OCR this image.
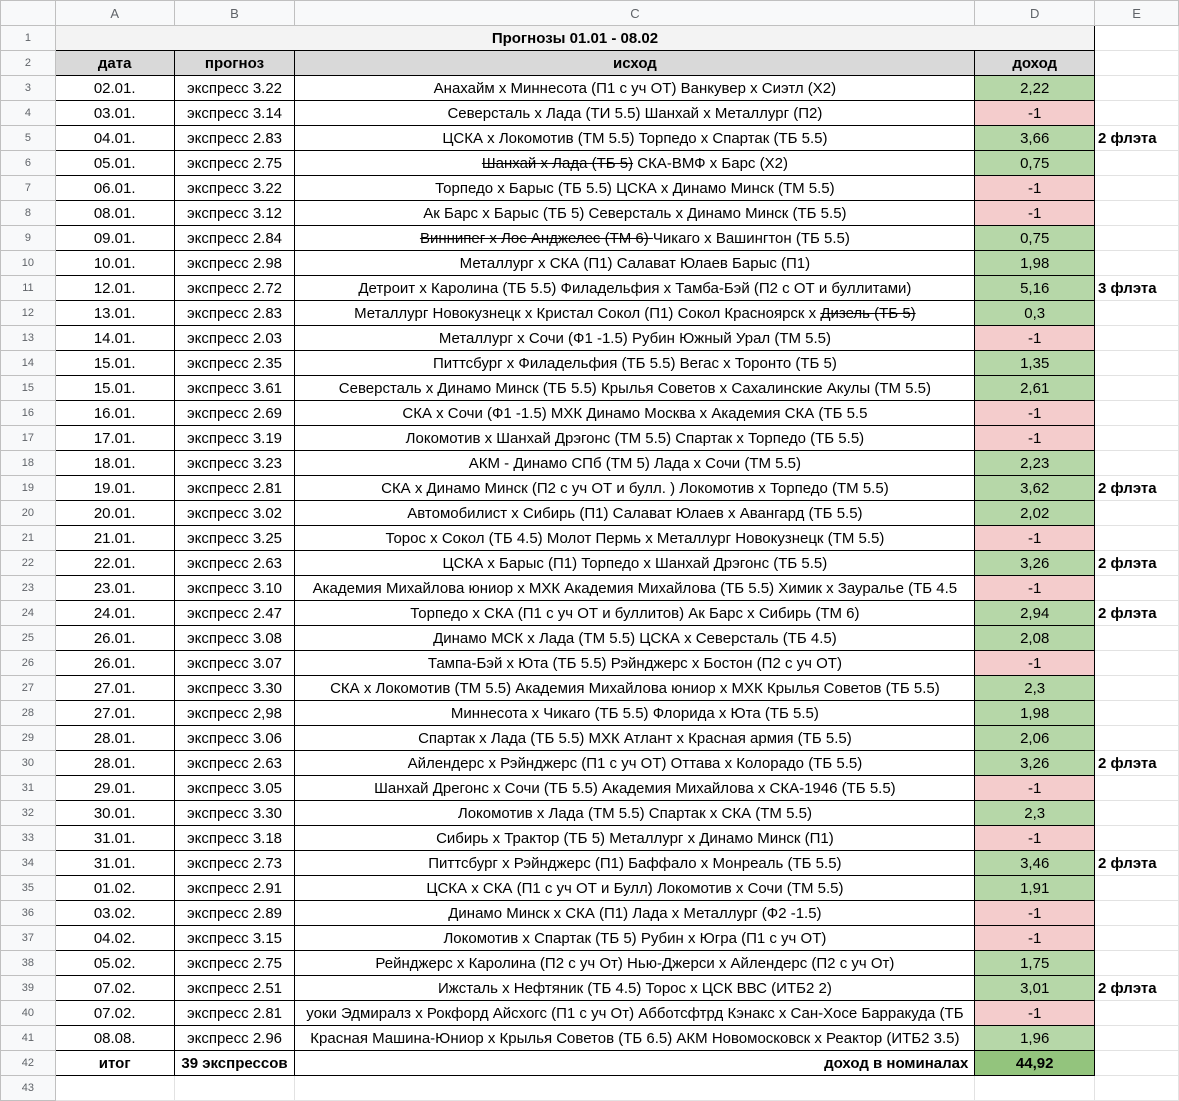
	A	B	C	D	E
1	Прогнозы 01.01 - 08.02				
2	дата	прогноз	исход	доход	
3	02.01.	экспресс 3.22	Анахайм х Миннесота (П1 с уч ОТ) Ванкувер х Сиэтл (Х2)	2,22	
4	03.01.	экспресс 3.14	Северсталь х Лада (ТИ 5.5) Шанхай х Металлург (П2)	-1	
5	04.01.	экспресс 2.83	ЦСКА х Локомотив (ТМ 5.5) Торпедо х Спартак (ТБ 5.5)	3,66	2 флэта
6	05.01.	экспресс 2.75	Шанхай х Лада (ТБ 5) СКА-ВМФ х Барс (Х2)	0,75	
7	06.01.	экспресс 3.22	Торпедо х Барыс (ТБ 5.5) ЦСКА х Динамо Минск (ТМ 5.5)	-1	
8	08.01.	экспресс 3.12	Ак Барс х Барыс (ТБ 5) Северсталь х Динамо Минск (ТБ 5.5)	-1	
9	09.01.	экспресс 2.84	Виннипег х Лос Анджелес (ТМ 6) Чикаго х Вашингтон (ТБ 5.5)	0,75	
10	10.01.	экспресс 2.98	Металлург х СКА (П1) Салават Юлаев Барыс (П1)	1,98	
11	12.01.	экспресс 2.72	Детроит х Каролина (ТБ 5.5) Филадельфия х Тамба-Бэй (П2 с ОТ и буллитами)	5,16	3 флэта
12	13.01.	экспресс 2.83	Металлург Новокузнецк х Кристал Сокол (П1) Сокол Красноярск х Дизель (ТБ 5)	0,3	
13	14.01.	экспресс 2.03	Металлург х Сочи (Ф1 -1.5) Рубин Южный Урал (ТМ 5.5)	-1	
14	15.01.	экспресс 2.35	Питтсбург х Филадельфия (ТБ 5.5) Вегас х Торонто (ТБ 5)	1,35	
15	15.01.	экспресс 3.61	Северсталь х Динамо Минск (ТБ 5.5) Крылья Советов х Сахалинские Акулы (ТМ 5.5)	2,61	
16	16.01.	экспресс 2.69	СКА х Сочи (Ф1 -1.5) МХК Динамо Москва х Академия СКА (ТБ 5.5	-1	
17	17.01.	экспресс 3.19	Локомотив х Шанхай Дрэгонс (ТМ 5.5) Спартак х Торпедо (ТБ 5.5)	-1	
18	18.01.	экспресс 3.23	АКМ - Динамо СПб (ТМ 5) Лада х Сочи (ТМ 5.5)	2,23	
19	19.01.	экспресс 2.81	СКА х Динамо Минск (П2 с уч ОТ и булл. ) Локомотив х Торпедо (ТМ 5.5)	3,62	2 флэта
20	20.01.	экспресс 3.02	Автомобилист х Сибирь (П1) Салават Юлаев х Авангард (ТБ 5.5)	2,02	
21	21.01.	экспресс 3.25	Торос х Сокол (ТБ 4.5) Молот Пермь х Металлург Новокузнецк (ТМ 5.5)	-1	
22	22.01.	экспресс 2.63	ЦСКА х Барыс (П1) Торпедо х Шанхай Дрэгонс (ТБ 5.5)	3,26	2 флэта
23	23.01.	экспресс 3.10	Академия Михайлова юниор х МХК Академия Михайлова (ТБ 5.5) Химик х Зауралье (ТБ 4.5	-1	
24	24.01.	экспресс 2.47	Торпедо х СКА (П1 с уч ОТ и буллитов) Ак Барс х Сибирь (ТМ 6)	2,94	2 флэта
25	26.01.	экспресс 3.08	Динамо МСК х Лада (ТМ 5.5) ЦСКА х Северсталь (ТБ 4.5)	2,08	
26	26.01.	экспресс 3.07	Тампа-Бэй х Юта (ТБ 5.5) Рэйнджерс х Бостон (П2 с уч ОТ)	-1	
27	27.01.	экспресс 3.30	СКА х Локомотив (ТМ 5.5) Академия Михайлова юниор х МХК Крылья Советов (ТБ 5.5)	2,3	
28	27.01.	экспресс 2,98	Миннесота х Чикаго (ТБ 5.5) Флорида х Юта (ТБ 5.5)	1,98	
29	28.01.	экспресс 3.06	Спартак х Лада (ТБ 5.5) МХК Атлант х Красная армия (ТБ 5.5)	2,06	
30	28.01.	экспресс 2.63	Айлендерс х Рэйнджерс (П1 с уч ОТ) Оттава х Колорадо (ТБ 5.5)	3,26	2 флэта
31	29.01.	экспресс 3.05	Шанхай Дрегонс х Сочи (ТБ 5.5) Академия Михайлова х СКА-1946 (ТБ 5.5)	-1	
32	30.01.	экспресс 3.30	Локомотив х Лада (ТМ 5.5) Спартак х СКА (ТМ 5.5)	2,3	
33	31.01.	экспресс 3.18	Сибирь х Трактор (ТБ 5) Металлург х Динамо Минск (П1)	-1	
34	31.01.	экспресс 2.73	Питтсбург х Рэйнджерс (П1) Баффало х Монреаль (ТБ 5.5)	3,46	2 флэта
35	01.02.	экспресс 2.91	ЦСКА х СКА (П1 с уч ОТ и Булл) Локомотив х Сочи (ТМ 5.5)	1,91	
36	03.02.	экспресс 2.89	Динамо Минск х СКА (П1) Лада х Металлург (Ф2 -1.5)	-1	
37	04.02.	экспресс 3.15	Локомотив х Спартак (ТБ 5) Рубин х Югра (П1 с уч ОТ)	-1	
38	05.02.	экспресс 2.75	Рейнджерс х Каролина (П2 с уч От) Нью-Джерси х Айлендерс (П2 с уч От)	1,75	
39	07.02.	экспресс 2.51	Ижсталь х Нефтяник (ТБ 4.5) Торос х ЦСК ВВС (ИТБ2 2)	3,01	2 флэта
40	07.02.	экспресс 2.81	уоки Эдмиралз х Рокфорд Айсхогс (П1 с уч От) Абботсфтрд Кэнакс х Сан-Хосе Барракуда (ТБ	-1	
41	08.08.	экспресс 2.96	Красная Машина-Юниор х Крылья Советов (ТБ 6.5) АКМ Новомосковск х Реактор (ИТБ2 3.5)	1,96	
42	итог	39 экспрессов	доход в номиналах	44,92	
43					
